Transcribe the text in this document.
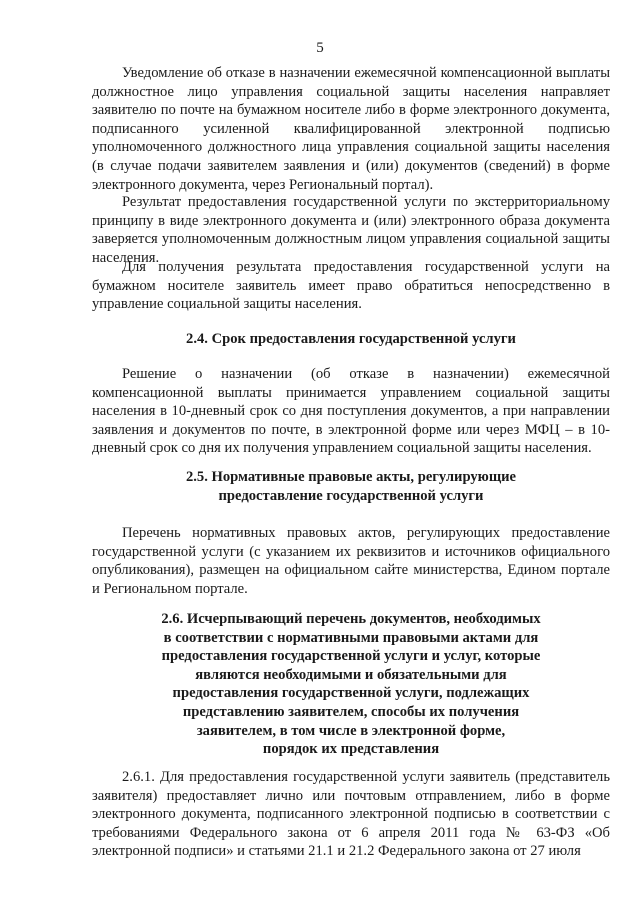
5

Уведомление об отказе в назначении ежемесячной компенсационной выплаты должностное лицо управления социальной защиты населения направляет заявителю по почте на бумажном носителе либо в форме электронного документа, подписанного усиленной квалифицированной электронной подписью уполномоченного должностного лица управления социальной защиты населения (в случае подачи заявителем заявления и (или) документов (сведений) в форме электронного документа, через Региональный портал).

Результат предоставления государственной услуги по экстерриториальному принципу в виде электронного документа и (или) электронного образа документа заверяется уполномоченным должностным лицом управления социальной защиты населения.

Для получения результата предоставления государственной услуги на бумажном носителе заявитель имеет право обратиться непосредственно в управление социальной защиты населения.

2.4. Срок предоставления государственной услуги

Решение о назначении (об отказе в назначении) ежемесячной компенсационной выплаты принимается управлением социальной защиты населения в 10-дневный срок со дня поступления документов, а при направлении заявления и документов по почте, в электронной форме или через МФЦ – в 10-дневный срок со дня их получения управлением социальной защиты населения.

2.5. Нормативные правовые акты, регулирующие
предоставление государственной услуги

Перечень нормативных правовых актов, регулирующих предоставление государственной услуги (с указанием их реквизитов и источников официального опубликования), размещен на официальном сайте министерства, Едином портале и Региональном портале.

2.6. Исчерпывающий перечень документов, необходимых
в соответствии с нормативными правовыми актами для
предоставления государственной услуги и услуг, которые
являются необходимыми и обязательными для
предоставления государственной услуги, подлежащих
представлению заявителем, способы их получения
заявителем, в том числе в электронной форме,
порядок их представления

2.6.1. Для предоставления государственной услуги заявитель (представитель заявителя) предоставляет лично или почтовым отправлением, либо в форме электронного документа, подписанного электронной подписью в соответствии с требованиями Федерального закона от 6 апреля 2011 года № 63-ФЗ «Об электронной подписи» и статьями 21.1 и 21.2 Федерального закона от 27 июля
